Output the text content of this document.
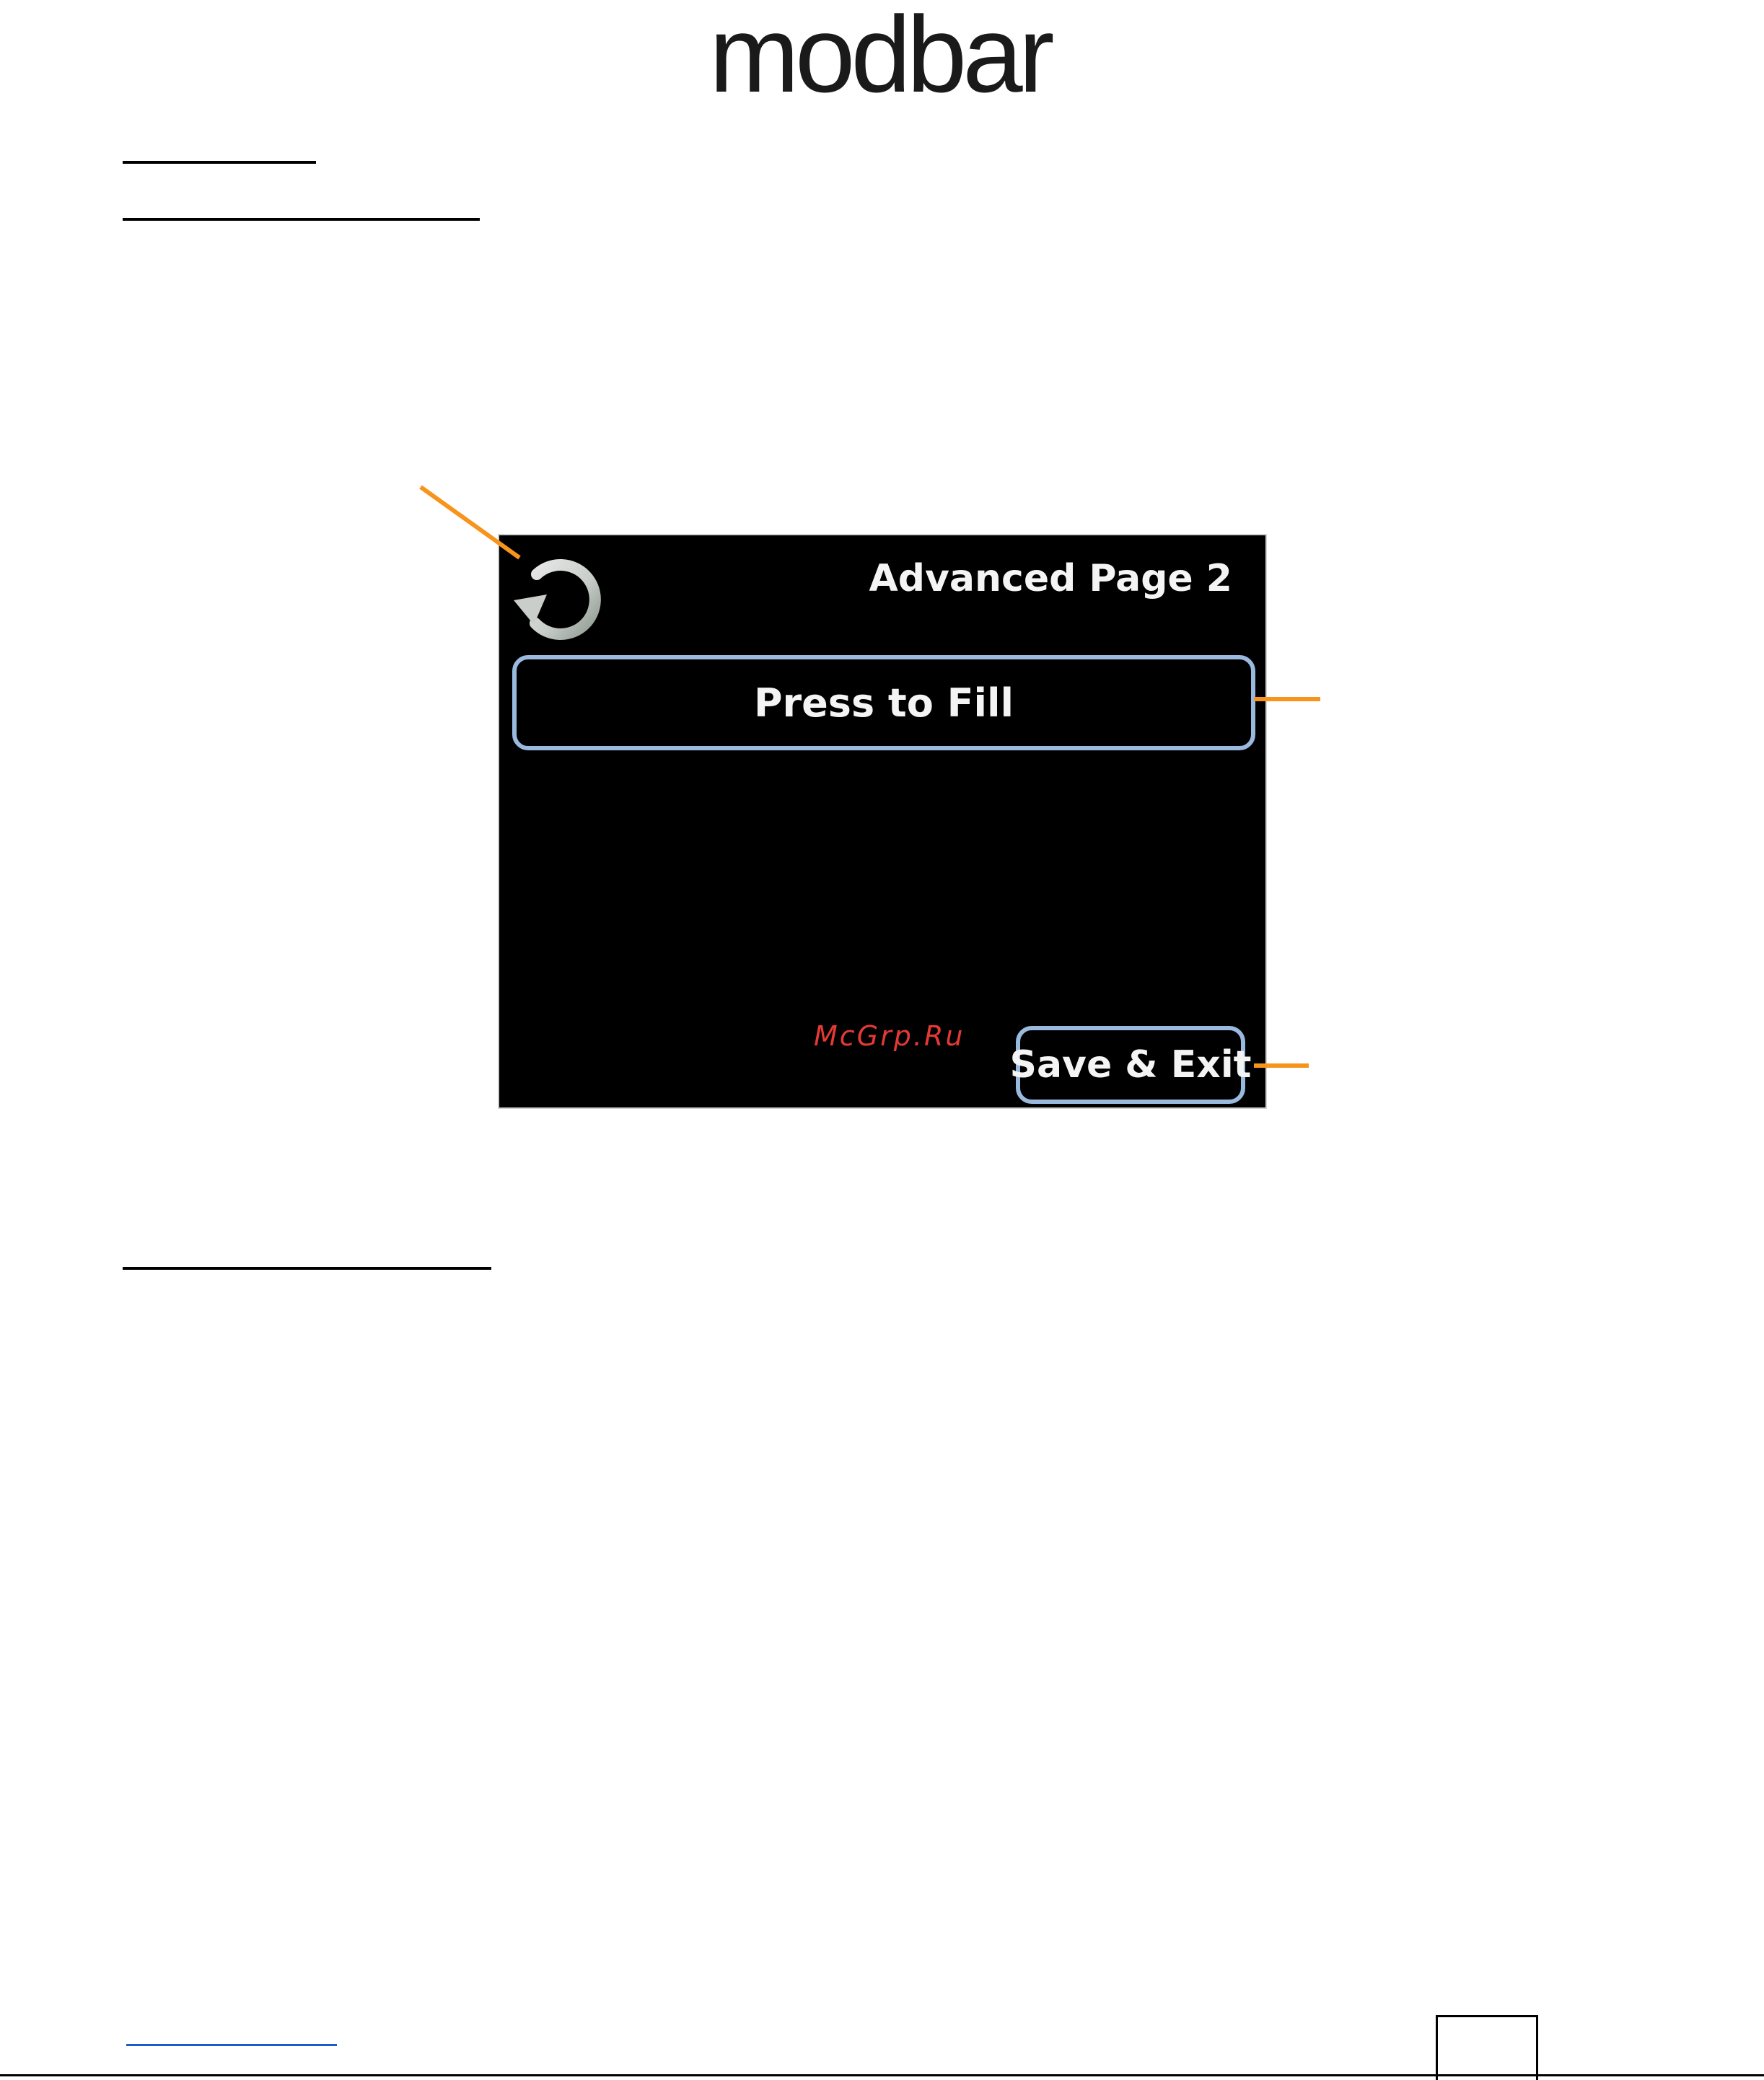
modbar
Advanced Page 2
Press to Fill
Save & Exit
McGrp.Ru
